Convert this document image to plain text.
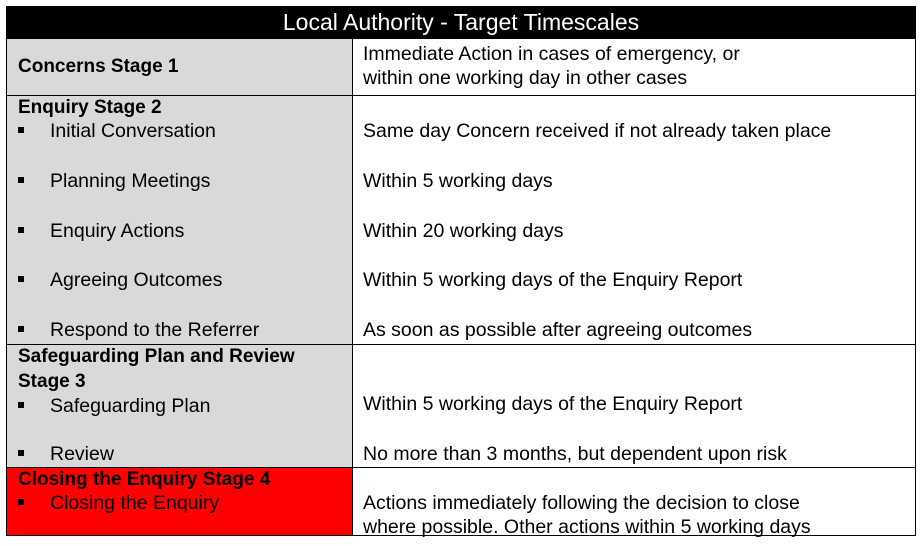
Local Authority - Target Timescales
Concerns Stage 1
Immediate Action in cases of emergency, or
within one working day in other cases
Enquiry Stage 2
Initial Conversation
Planning Meetings
Enquiry Actions
Agreeing Outcomes
Respond to the Referrer
Same day Concern received if not already taken place
Within 5 working days
Within 20 working days
Within 5 working days of the Enquiry Report
As soon as possible after agreeing outcomes
Safeguarding Plan and Review
Stage 3
Safeguarding Plan
Review
Within 5 working days of the Enquiry Report
No more than 3 months, but dependent upon risk
Closing the Enquiry Stage 4
Closing the Enquiry	Actions immediately following the decision to close
where possible. Other actions within 5 working days
